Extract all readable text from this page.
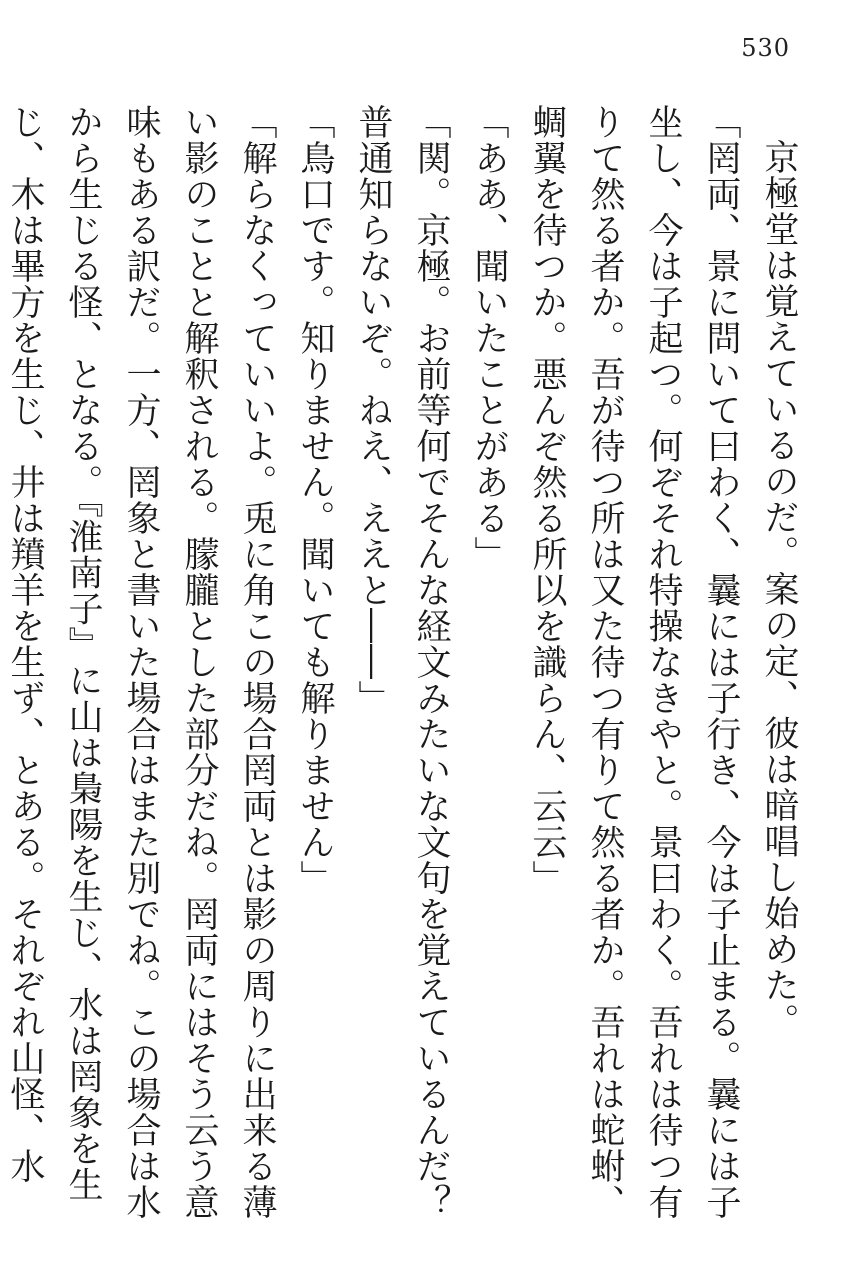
530

京極堂は覚えているのだ。案の定、彼は暗唱し始めた。

「罔両、景に問いて曰わく、曩には子行き、今は子止まる。曩には子坐し、今は子起つ。何ぞそれ特操なきやと。景曰わく。吾れは待つ有りて然る者か。吾が待つ所は又た待つ有りて然る者か。吾れは蛇蚹、蜩翼を待つか。悪んぞ然る所以を識らん、云云」

「ああ、聞いたことがある」

「関。京極。お前等何でそんな経文みたいな文句を覚えているんだ？　普通知らないぞ。ねえ、ええと――」

「鳥口です。知りません。聞いても解りません」

「解らなくっていいよ。兎に角この場合罔両とは影の周りに出来る薄い影のことと解釈される。朦朧とした部分だね。罔両にはそう云う意味もある訳だ。一方、罔象と書いた場合はまた別でね。この場合は水から生じる怪、となる。『淮南子』に山は梟陽を生じ、水は罔象を生じ、木は畢方を生じ、井は羵羊を生ず、とある。それぞれ山怪、水
